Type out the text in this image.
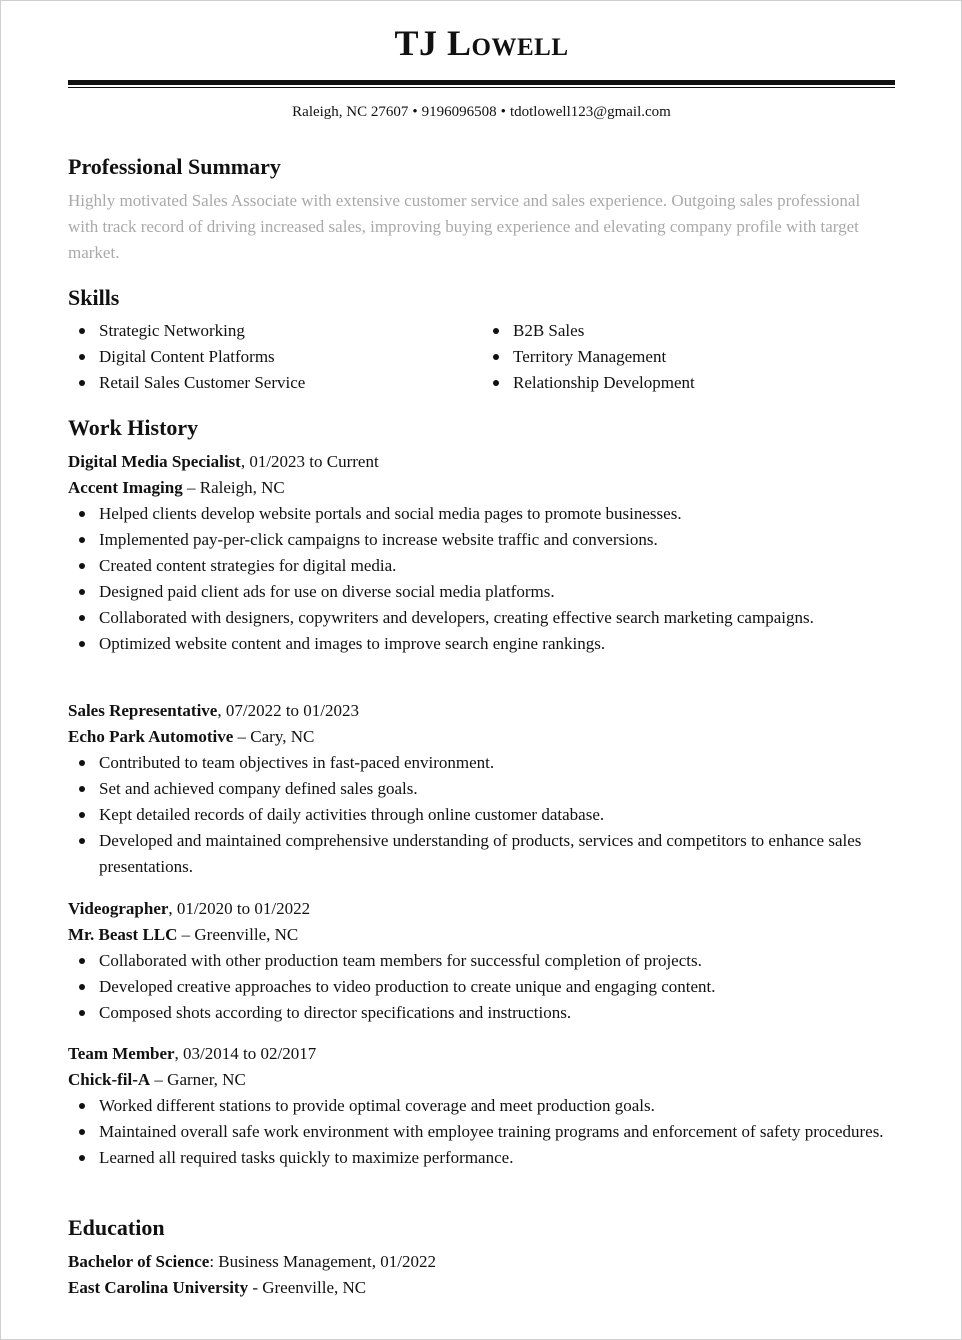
TJ Lowell
Raleigh, NC 27607 • 9196096508 • tdotlowell123@gmail.com
Professional Summary
Highly motivated Sales Associate with extensive customer service and sales experience. Outgoing sales professional with track record of driving increased sales, improving buying experience and elevating company profile with target market.
Skills
Strategic Networking
Digital Content Platforms
Retail Sales Customer Service
B2B Sales
Territory Management
Relationship Development
Work History
Digital Media Specialist, 01/2023 to Current
Accent Imaging – Raleigh, NC
Helped clients develop website portals and social media pages to promote businesses.
Implemented pay-per-click campaigns to increase website traffic and conversions.
Created content strategies for digital media.
Designed paid client ads for use on diverse social media platforms.
Collaborated with designers, copywriters and developers, creating effective search marketing campaigns.
Optimized website content and images to improve search engine rankings.
Sales Representative, 07/2022 to 01/2023
Echo Park Automotive – Cary, NC
Contributed to team objectives in fast-paced environment.
Set and achieved company defined sales goals.
Kept detailed records of daily activities through online customer database.
Developed and maintained comprehensive understanding of products, services and competitors to enhance sales presentations.
Videographer, 01/2020 to 01/2022
Mr. Beast LLC – Greenville, NC
Collaborated with other production team members for successful completion of projects.
Developed creative approaches to video production to create unique and engaging content.
Composed shots according to director specifications and instructions.
Team Member, 03/2014 to 02/2017
Chick-fil-A – Garner, NC
Worked different stations to provide optimal coverage and meet production goals.
Maintained overall safe work environment with employee training programs and enforcement of safety procedures.
Learned all required tasks quickly to maximize performance.
Education
Bachelor of Science: Business Management, 01/2022
East Carolina University - Greenville, NC
